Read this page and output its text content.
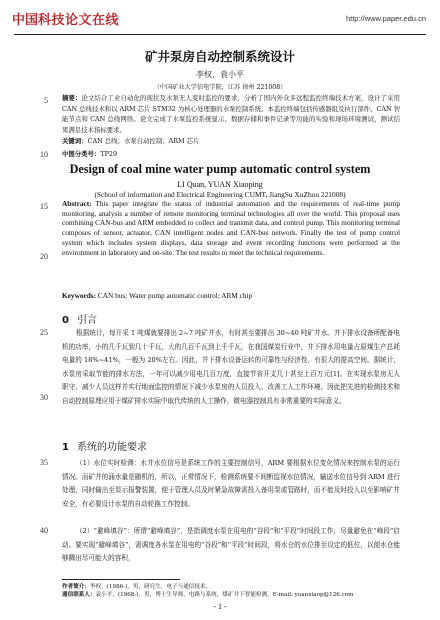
中国 科技论文在线	http://www.paper.edu.cn
5
10
15
20
25
30
35
40
矿井泵房自动控制系统设计
李权，袁小平
（中国矿业大学信电学院，江苏 徐州 221008）
摘要：论文结合工业自动化的现状及水泵无人变时监控的要求，分析了国内外众多远程监控终端技术方案，设计了采用 CAN 总线技术和以 ARM 芯片 STM32 为核心处理器的水泵控制系统。本监控终端包括传感器组及执行部件、CAN 智能节点和 CAN 总线网络。论文完成了水泵监控系统显示、数据存储和事件记录等功能的实验和现场环境测试，测试结果满足技术指标要求。
关键词：CAN 总线；水泵自动控制；ARM 芯片
中图分类号：TP29
Design of coal mine water pump automatic control system
LI Quan, YUAN Xiaoping
(School of information and Electrical Engineering CUMT, JiangSu XuZhou 221008)
Abstract: This paper integrate the status of industrial automation and the requirements of real-time pump monitoring, analysis a number of remote monitoring terminal technologies all over the world. This proposal uses combining CAN-bus and ARM embedded to collect and transmit data, and control pump. This monitoring terminal composes of sensor, actuator, CAN intelligent nodes and CAN-bus network. Finally the test of pump control system which includes system displays, data storage and event recording functions were performed at the environment in laboratory and on-site. The test results to meet the technical requirements.
Keywords: CAN bus; Water pump automatic control; ARM chip
0 引言
根据统计，每开采 1 吨煤就要排出 2~7 吨矿井水，有时甚至要排出 30~40 吨矿井水。井下排水设备所配备电机的功率，小的几千瓦到几十千瓦，大的几百千瓦到上千千瓦，在我国煤炭行业中，井下排水用电量占原煤生产总耗电量的 18%~41%，一般为 20%左右。因此，井下排水设备运转的可靠性与经济性，有很大的提高空间。据统计，水泵房采取节能的排水方法，一年可以减少用电几百万度，直接节省开支几十甚至上百万元[1]。在实现水泵房无人职守、减少人员这样并实行地面监控的情况下减少水泵房的人员投入、改善工人工作环境。因此把先进的检测技术和自动控制原理应用于煤矿排水实际中取代传统的人工操作，微电器控制具有非常重要的实际意义。
1 系统的功能要求
（1）水位实时检测：水井水位信号是系统工作的主要控制信号，ARM 要根据水位变化情况来控制水泵的运行情况。而矿井的涌水量是随机的，所以，正常情况下，检测系统要不间断监视水位情况，输送水位信号到 ARM 进行处理，同时输出至显示报警装置，便于管理人员及时紧急故障需投入备用泵或管路时，而不能及时投入以至影响矿井安全，有必要设计水泵的自动轮换工作控制。
（2）“避峰填谷”：所谓“避峰填谷”，是指调度水泵在用电的“谷段”和“平段”时间段工作，尽量避免在“峰段”启动。要实现“避峰填谷”，需调度各水泵在用电的“谷段”和“平段”时间段，将水仓的水位排至设定的低位，以便水仓能够腾出尽可能大的容积，
作者简介：李权，(1986-)，男，研究生，电子与通信技术。
通信联系人：袁小平，(1968-)，男，博士生导师，电路与系统，煤矿井下智能检测。E-mail: yuanxiaop@126.com
- 1 -
